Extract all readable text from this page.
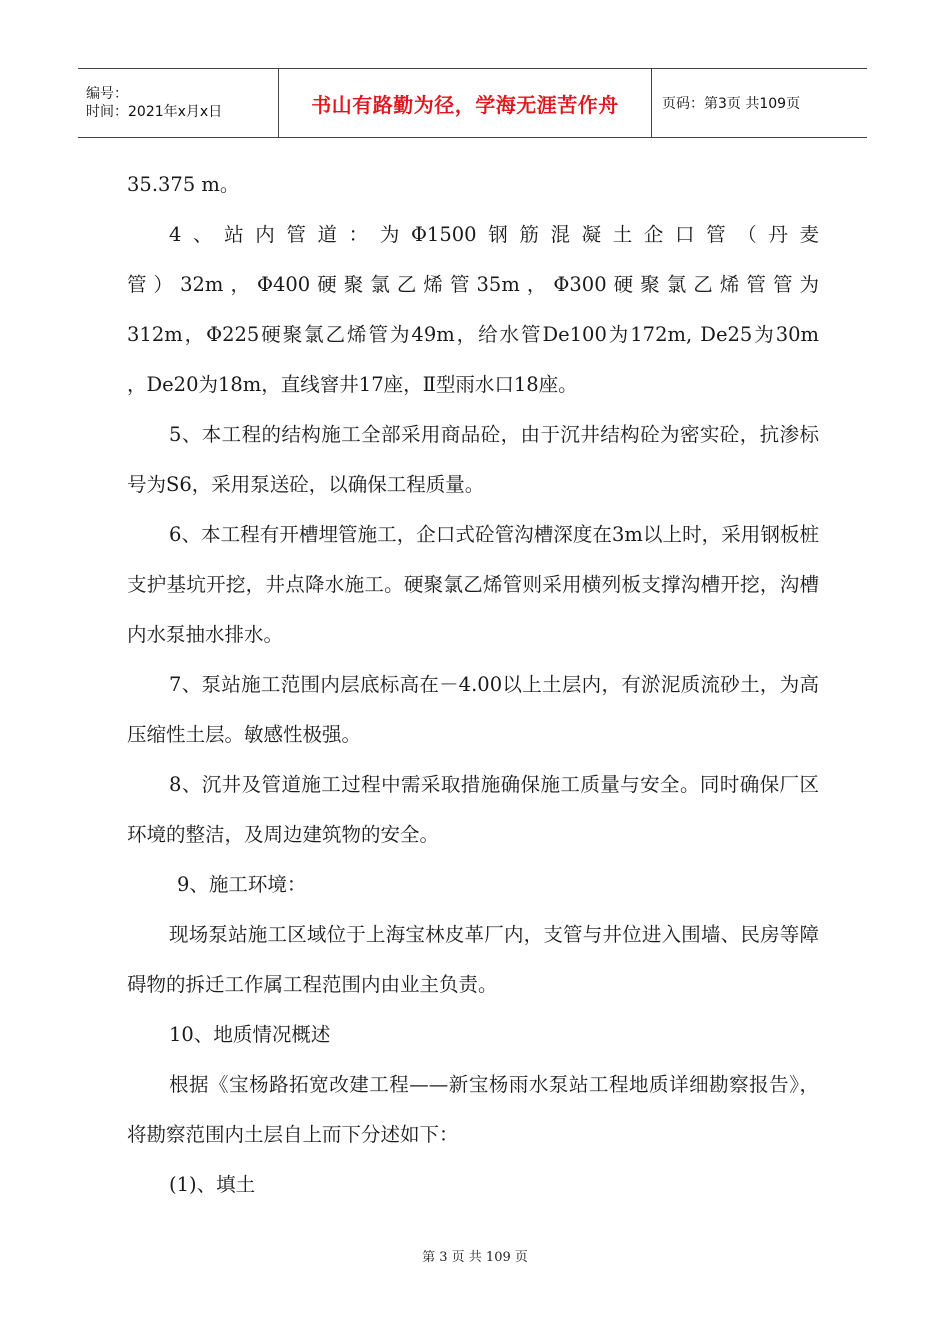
编号：
时间：2021年x月x日	书山有路勤为径，学海无涯苦作舟	页码：第3页 共109页

35.375 m。

4、站内管道：为Φ1500钢筋混凝土企口管（丹麦

管）32m，Φ400硬聚氯乙烯管35m，Φ300硬聚氯乙烯管管为

312m，Φ225硬聚氯乙烯管为49m，给水管De100为172m, De25为30m

，De20为18m，直线窨井17座，Ⅱ型雨水口18座。

5、本工程的结构施工全部采用商品砼，由于沉井结构砼为密实砼，抗渗标号为S6，采用泵送砼，以确保工程质量。

6、本工程有开槽埋管施工，企口式砼管沟槽深度在3m以上时，采用钢板桩支护基坑开挖，井点降水施工。硬聚氯乙烯管则采用横列板支撑沟槽开挖，沟槽内水泵抽水排水。

7、泵站施工范围内层底标高在－4.00以上土层内，有淤泥质流砂土，为高压缩性土层。敏感性极强。

8、沉井及管道施工过程中需采取措施确保施工质量与安全。同时确保厂区环境的整洁，及周边建筑物的安全。

9、施工环境：

现场泵站施工区域位于上海宝林皮革厂内，支管与井位进入围墙、民房等障碍物的拆迁工作属工程范围内由业主负责。

10、地质情况概述

根据《宝杨路拓宽改建工程——新宝杨雨水泵站工程地质详细勘察报告》，将勘察范围内土层自上而下分述如下：

(1)、填土

第 3 页 共 109 页
